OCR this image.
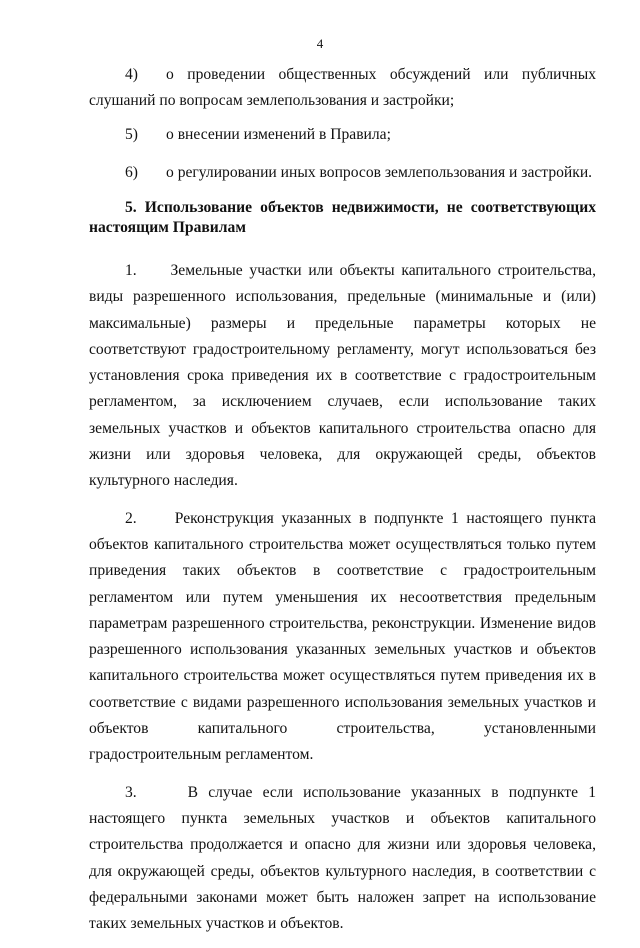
4
4)	о проведении общественных обсуждений или публичных
слушаний по вопросам землепользования и застройки;
5)	о внесении изменений в Правила;
6)	о регулировании иных вопросов землепользования и застройки.
5. Использование объектов недвижимости, не соответствующих настоящим Правилам

1.     Земельные участки или объекты капитального строительства, виды разрешенного использования, предельные (минимальные и (или) максимальные) размеры и предельные параметры которых не соответствуют градостроительному регламенту, могут использоваться без установления срока приведения их в соответствие с градостроительным регламентом, за исключением случаев, если использование таких земельных участков и объектов капитального строительства опасно для жизни или здоровья человека, для окружающей среды, объектов культурного наследия.

2.     Реконструкция указанных в подпункте 1 настоящего пункта объектов капитального строительства может осуществляться только путем приведения таких объектов в соответствие с градостроительным регламентом или путем уменьшения их несоответствия предельным параметрам разрешенного строительства, реконструкции. Изменение видов разрешенного использования указанных земельных участков и объектов капитального строительства может осуществляться путем приведения их в соответствие с видами разрешенного использования земельных участков и объектов капитального строительства, установленными градостроительным регламентом.

3.     В случае если использование указанных в подпункте 1 настоящего пункта земельных участков и объектов капитального строительства продолжается и опасно для жизни или здоровья человека, для окружающей среды, объектов культурного наследия, в соответствии с федеральными законами может быть наложен запрет на использование таких земельных участков и объектов.
